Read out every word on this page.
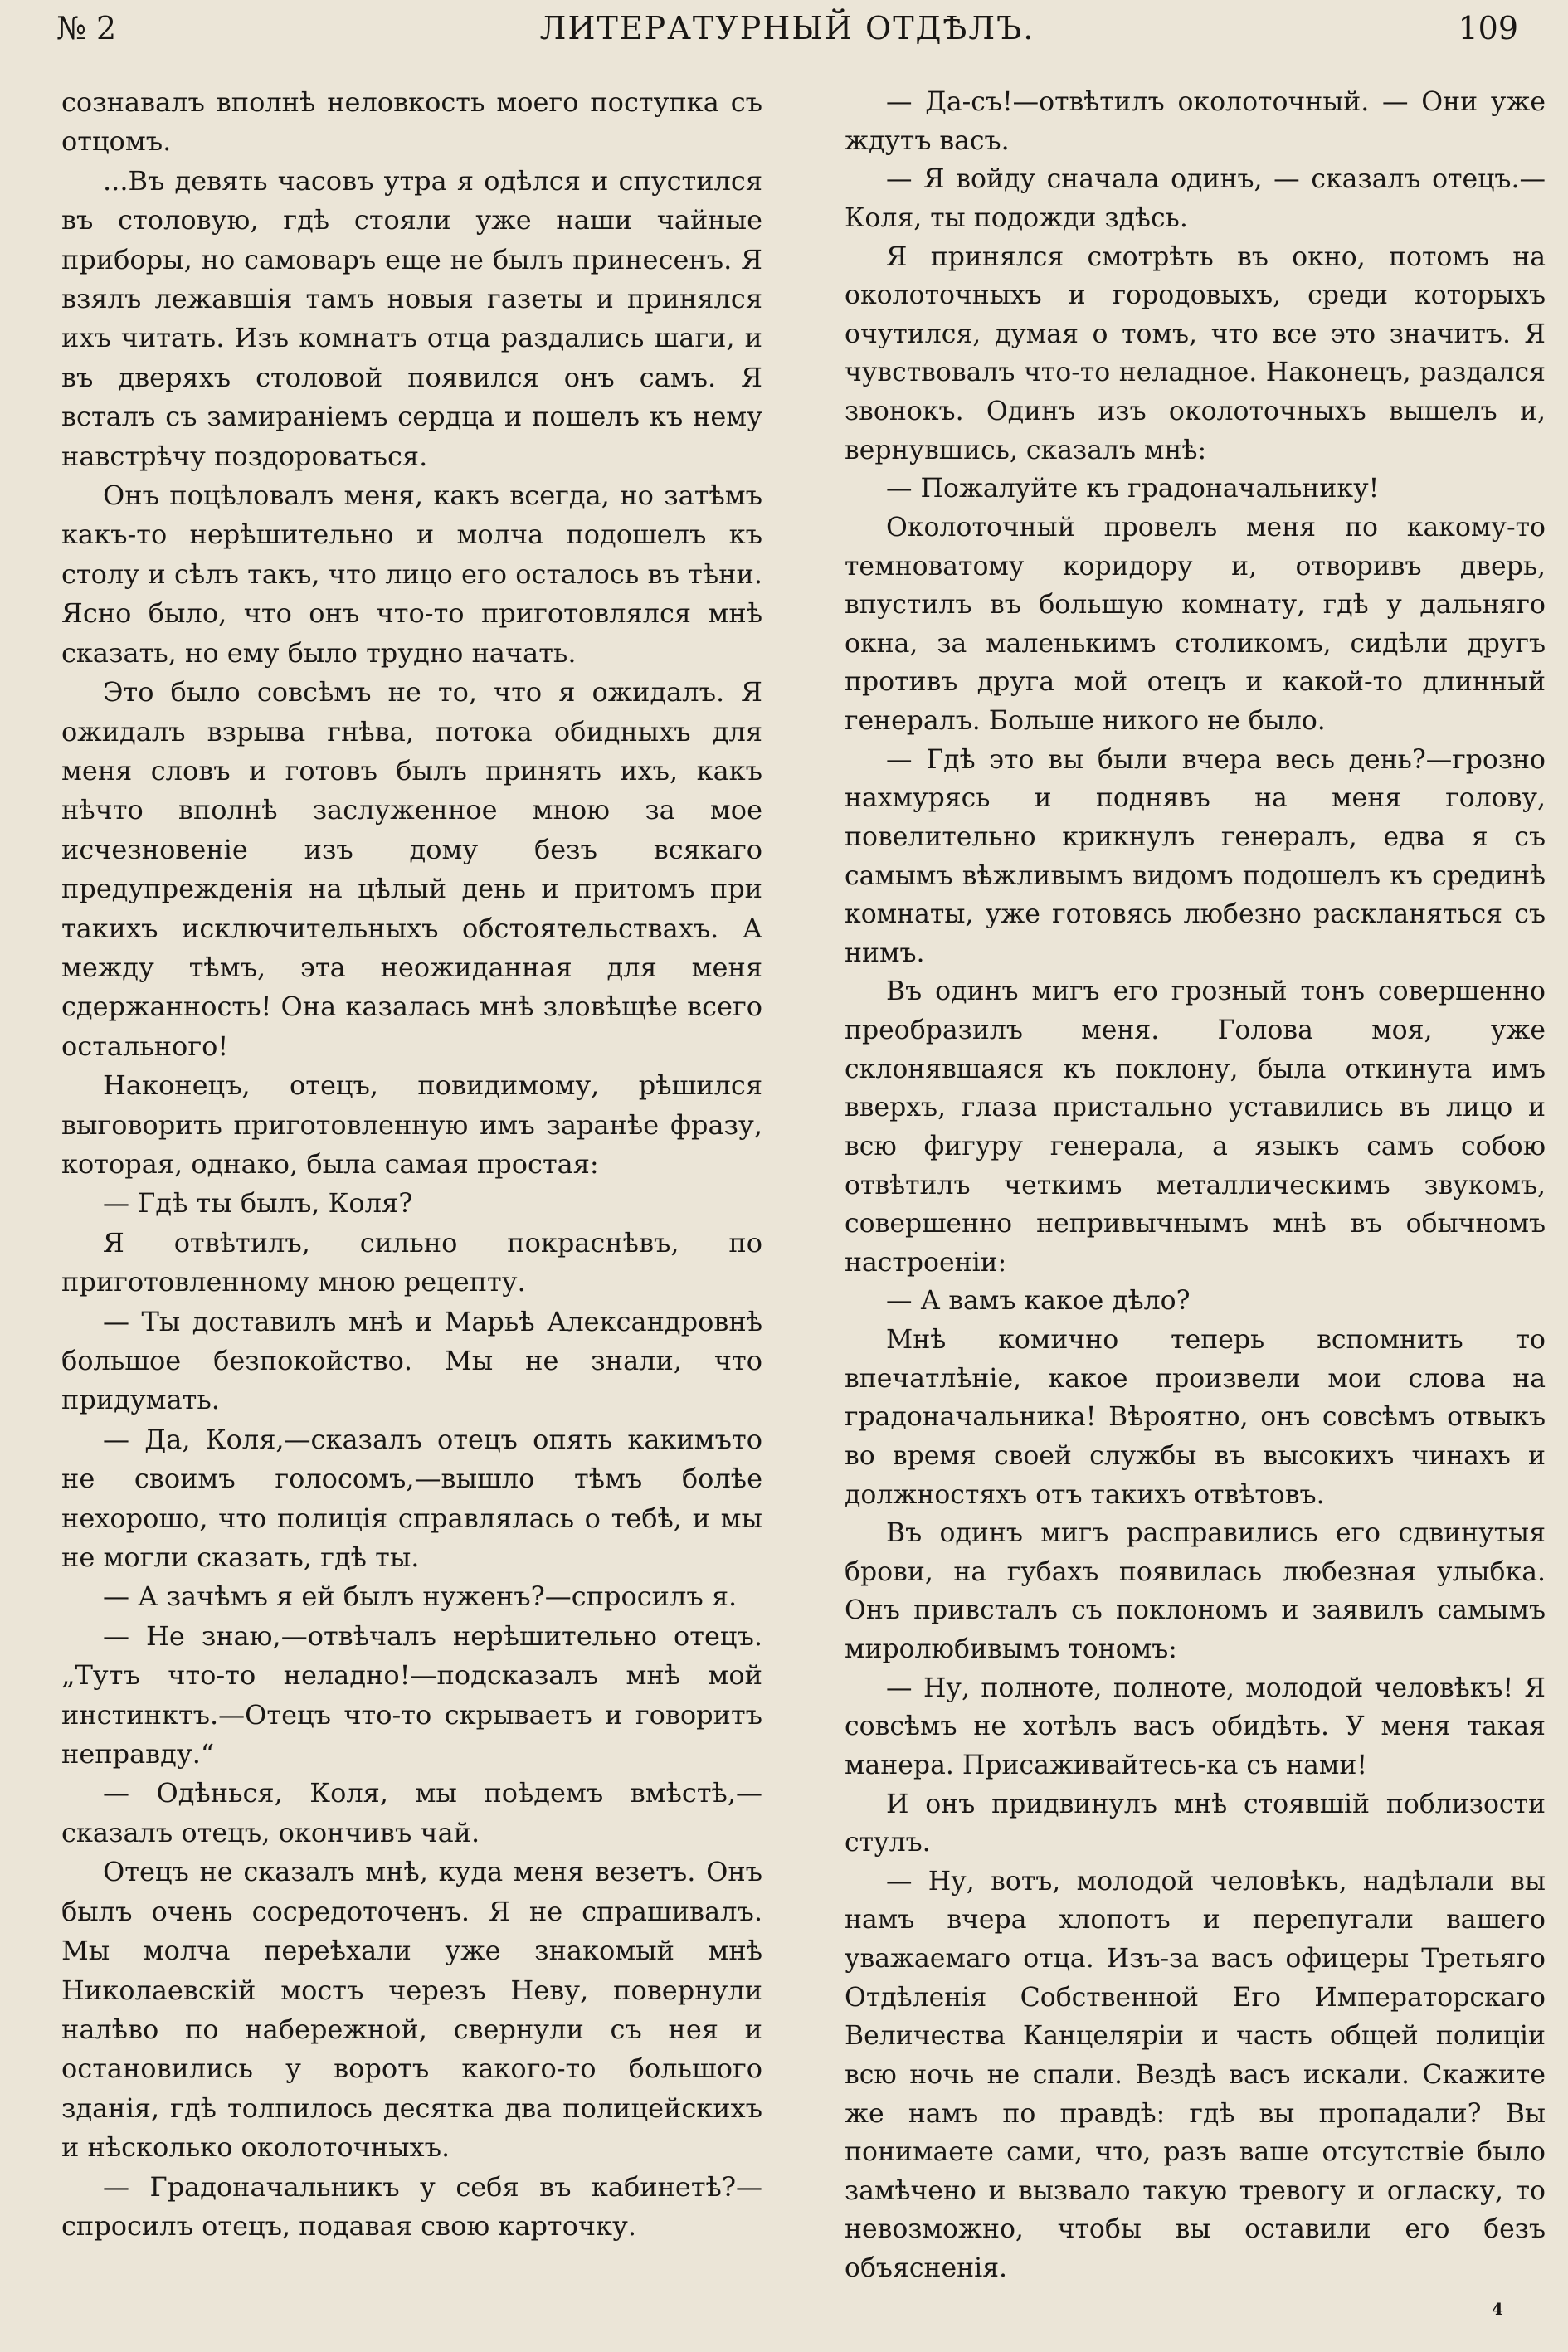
№ 2	ЛИТЕРАТУРНЫЙ ОТДѢЛЪ.	109

сознавалъ вполнѣ неловкость моего поступка съ отцомъ.

...Въ девять часовъ утра я одѣлся и спустился въ столовую, гдѣ стояли уже наши чайные приборы, но самоваръ еще не былъ принесенъ. Я взялъ лежавшія тамъ новыя газеты и принялся ихъ читать. Изъ комнатъ отца раздались шаги, и въ дверяхъ столовой появился онъ самъ. Я всталъ съ замираніемъ сердца и пошелъ къ нему навстрѣчу поздороваться.

Онъ поцѣловалъ меня, какъ всегда, но затѣмъ какъ-то нерѣшительно и молча подошелъ къ столу и сѣлъ такъ, что лицо его осталось въ тѣни. Ясно было, что онъ что-то приготовлялся мнѣ сказать, но ему было трудно начать.

Это было совсѣмъ не то, что я ожидалъ. Я ожидалъ взрыва гнѣва, потока обидныхъ для меня словъ и готовъ былъ принять ихъ, какъ нѣчто вполнѣ заслуженное мною за мое исчезновеніе изъ дому безъ всякаго предупрежденія на цѣлый день и притомъ при такихъ исключительныхъ обстоятельствахъ. А между тѣмъ, эта неожиданная для меня сдержанность! Она казалась мнѣ зловѣщѣе всего остального!

Наконецъ, отецъ, повидимому, рѣшился выговорить приготовленную имъ заранѣе фразу, которая, однако, была самая простая:

— Гдѣ ты былъ, Коля?

Я отвѣтилъ, сильно покраснѣвъ, по приготовленному мною рецепту.

— Ты доставилъ мнѣ и Марьѣ Александровнѣ большое безпокойство. Мы не знали, что придумать.

— Да, Коля,—сказалъ отецъ опять какимъто не своимъ голосомъ,—вышло тѣмъ болѣе нехорошо, что полиція справлялась о тебѣ, и мы не могли сказать, гдѣ ты.

— А зачѣмъ я ей былъ нуженъ?—спросилъ я.

— Не знаю,—отвѣчалъ нерѣшительно отецъ. „Тутъ что-то неладно!—подсказалъ мнѣ мой инстинктъ.—Отецъ что-то скрываетъ и говоритъ неправду.“

— Одѣнься, Коля, мы поѣдемъ вмѣстѣ,— сказалъ отецъ, окончивъ чай.

Отецъ не сказалъ мнѣ, куда меня везетъ. Онъ былъ очень сосредоточенъ. Я не спрашивалъ. Мы молча переѣхали уже знакомый мнѣ Николаевскій мостъ черезъ Неву, повернули налѣво по набережной, свернули съ нея и остановились у воротъ какого-то большого зданія, гдѣ толпилось десятка два полицейскихъ и нѣсколько околоточныхъ.

— Градоначальникъ у себя въ кабинетѣ?— спросилъ отецъ, подавая свою карточку.

— Да-съ!—отвѣтилъ околоточный. — Они уже ждутъ васъ.

— Я войду сначала одинъ, — сказалъ отецъ.—Коля, ты подожди здѣсь.

Я принялся смотрѣть въ окно, потомъ на околоточныхъ и городовыхъ, среди которыхъ очутился, думая о томъ, что все это значитъ. Я чувствовалъ что-то неладное. Наконецъ, раздался звонокъ. Одинъ изъ околоточныхъ вышелъ и, вернувшись, сказалъ мнѣ:

— Пожалуйте къ градоначальнику!

Околоточный провелъ меня по какому-то темноватому коридору и, отворивъ дверь, впустилъ въ большую комнату, гдѣ у дальняго окна, за маленькимъ столикомъ, сидѣли другъ противъ друга мой отецъ и какой-то длинный генералъ. Больше никого не было.

— Гдѣ это вы были вчера весь день?—грозно нахмурясь и поднявъ на меня голову, повелительно крикнулъ генералъ, едва я съ самымъ вѣжливымъ видомъ подошелъ къ срединѣ комнаты, уже готовясь любезно раскланяться съ нимъ.

Въ одинъ мигъ его грозный тонъ совершенно преобразилъ меня. Голова моя, уже склонявшаяся къ поклону, была откинута имъ вверхъ, глаза пристально уставились въ лицо и всю фигуру генерала, а языкъ самъ собою отвѣтилъ четкимъ металлическимъ звукомъ, совершенно непривычнымъ мнѣ въ обычномъ настроеніи:

— А вамъ какое дѣло?

Мнѣ комично теперь вспомнить то впечатлѣніе, какое произвели мои слова на градоначальника! Вѣроятно, онъ совсѣмъ отвыкъ во время своей службы въ высокихъ чинахъ и должностяхъ отъ такихъ отвѣтовъ.

Въ одинъ мигъ расправились его сдвинутыя брови, на губахъ появилась любезная улыбка. Онъ привсталъ съ поклономъ и заявилъ самымъ миролюбивымъ тономъ:

— Ну, полноте, полноте, молодой человѣкъ! Я совсѣмъ не хотѣлъ васъ обидѣть. У меня такая манера. Присаживайтесь-ка съ нами!

И онъ придвинулъ мнѣ стоявшій поблизости стулъ.

— Ну, вотъ, молодой человѣкъ, надѣлали вы намъ вчера хлопотъ и перепугали вашего уважаемаго отца. Изъ-за васъ офицеры Третьяго Отдѣленія Собственной Его Императорскаго Величества Канцеляріи и часть общей полиціи всю ночь не спали. Вездѣ васъ искали. Скажите же намъ по правдѣ: гдѣ вы пропадали? Вы понимаете сами, что, разъ ваше отсутствіе было замѣчено и вызвало такую тревогу и огласку, то невозможно, чтобы вы оставили его безъ объясненія.

4
